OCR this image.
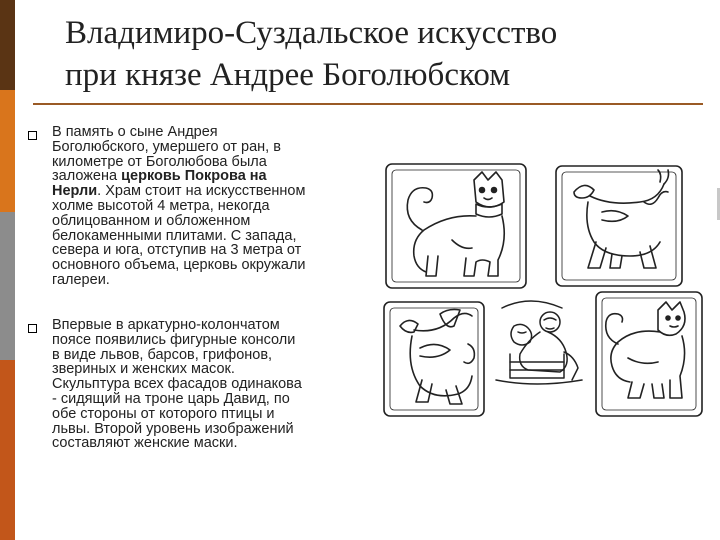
Владимиро-Суздальское искусство
при князе Андрее Боголюбском
В память о сыне Андрея
Боголюбского, умершего от ран, в
километре от Боголюбова была
заложена церковь Покрова на
Нерли. Храм стоит на искусственном
холме высотой 4 метра, некогда
облицованном и обложенном
белокаменными плитами. С запада,
севера и юга, отступив на 3 метра от
основного объема, церковь окружали
галереи.
Впервые в аркатурно-колончатом
поясе появились фигурные консоли
в виде львов, барсов, грифонов,
звериных и женских масок.
Скульптура всех фасадов одинакова
- сидящий на троне царь Давид, по
обе стороны от которого птицы и
львы. Второй уровень изображений
составляют женские маски.
